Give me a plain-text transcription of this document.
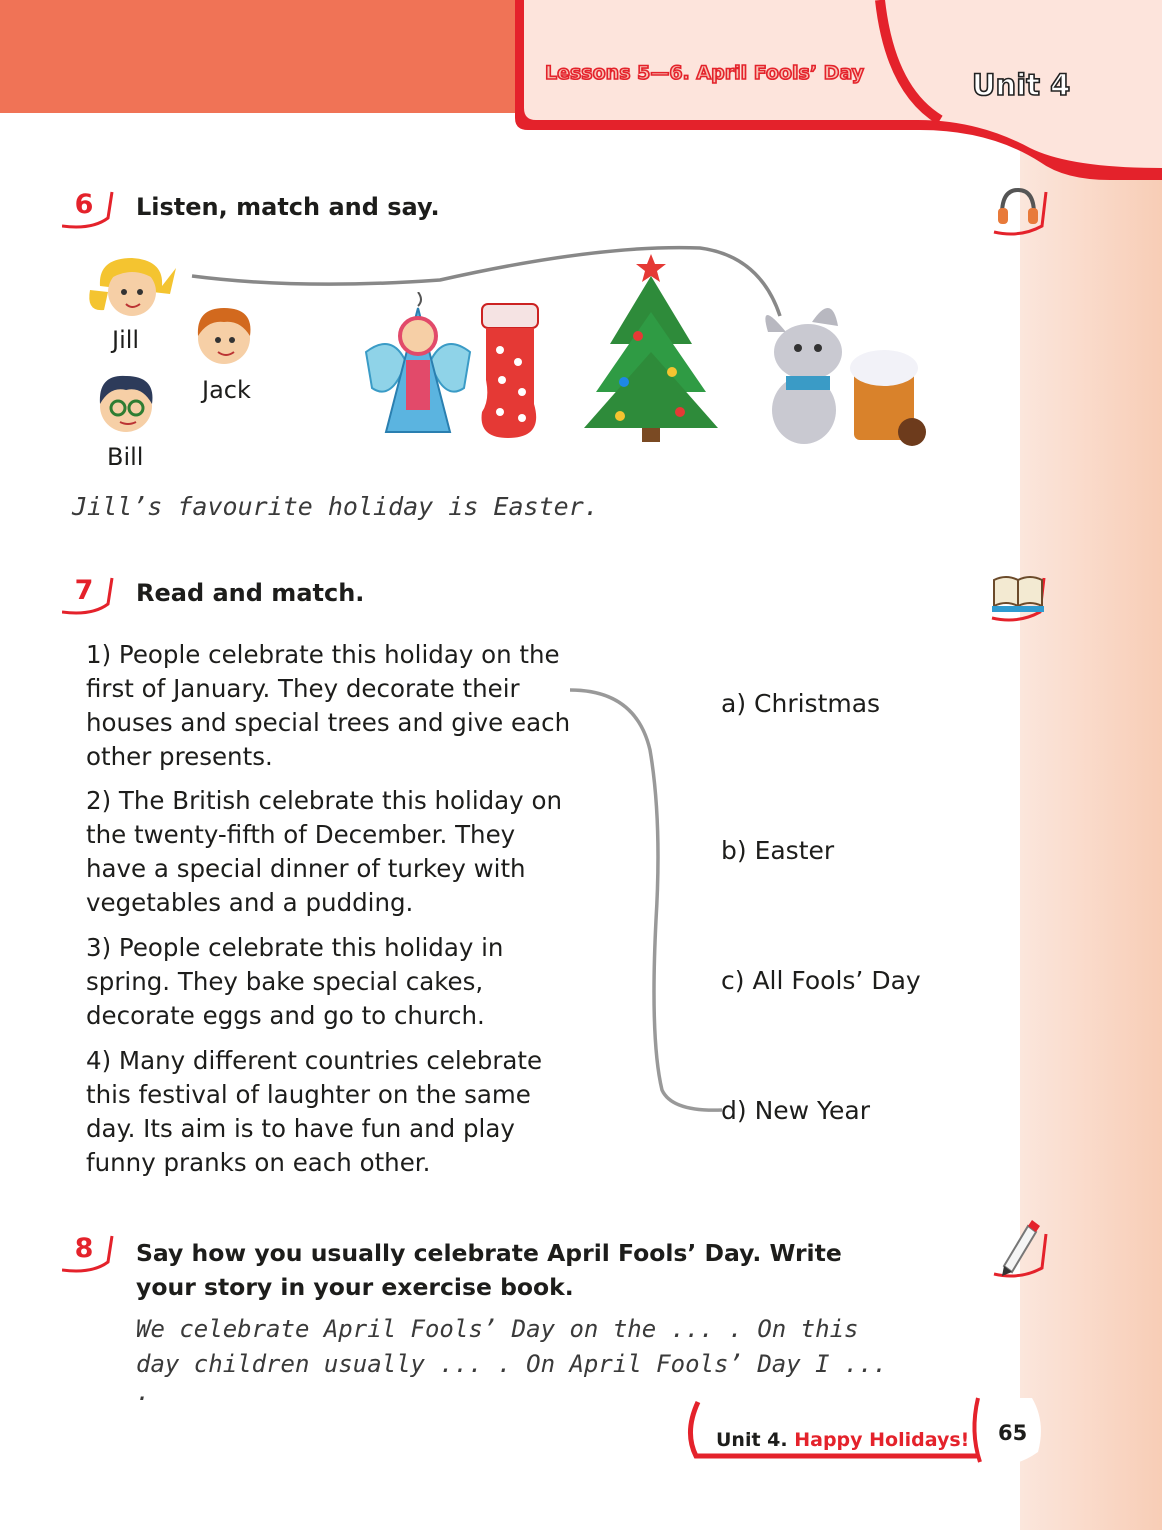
Lessons 5—6. April Fools’ Day	Unit 4
6	Listen, match and say.
Jill
Jack
Bill
Jill’s favourite holiday is Easter.
7	Read and match.
1) People celebrate this holiday on the first of January. They decorate their houses and special trees and give each other presents.
2) The British celebrate this holiday on the twenty-fifth of December. They have a special dinner of turkey with vegetables and a pudding.
3) People celebrate this holiday in spring. They bake special cakes, decorate eggs and go to church.
4) Many different countries celebrate this festival of laughter on the same day. Its aim is to have fun and play funny pranks on each other.
a) Christmas
b) Easter
c) All Fools’ Day
d) New Year
8	Say how you usually celebrate April Fools’ Day. Write your story in your exercise book.
We celebrate April Fools’ Day on the ... . On this
day children usually ... . On April Fools’ Day I ... .
Unit 4. Happy Holidays! 65
